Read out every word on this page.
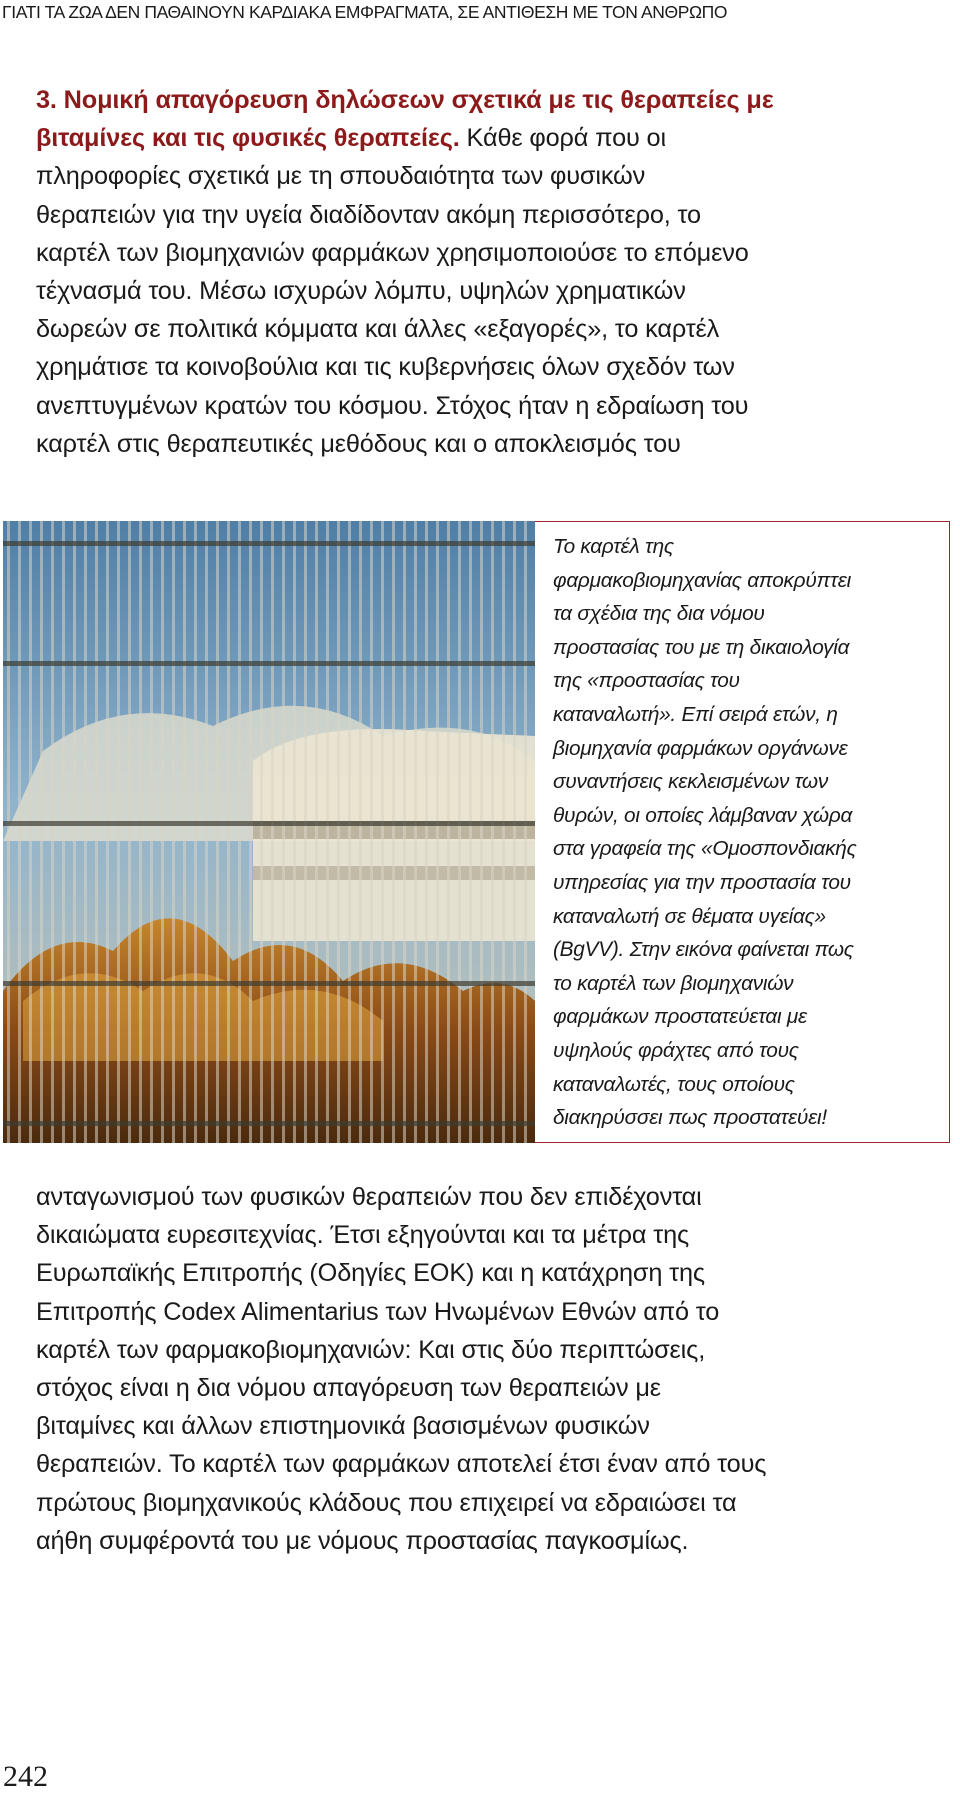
ΓΙΑΤΙ ΤΑ ΖΩΑ ΔΕΝ ΠΑΘΑΙΝΟΥΝ ΚΑΡΔΙΑΚΑ ΕΜΦΡΑΓΜΑΤΑ, ΣΕ ΑΝΤΙΘΕΣΗ ΜΕ ΤΟΝ ΑΝΘΡΩΠΟ

3. Νομική απαγόρευση δηλώσεων σχετικά με τις θεραπείες με
βιταμίνες και τις φυσικές θεραπείες. Κάθε φορά που οι
πληροφορίες σχετικά με τη σπουδαιότητα των φυσικών
θεραπειών για την υγεία διαδίδονταν ακόμη περισσότερο, το
καρτέλ των βιομηχανιών φαρμάκων χρησιμοποιούσε το επόμενο
τέχνασμά του. Μέσω ισχυρών λόμπυ, υψηλών χρηματικών
δωρεών σε πολιτικά κόμματα και άλλες «εξαγορές», το καρτέλ
χρημάτισε τα κοινοβούλια και τις κυβερνήσεις όλων σχεδόν των
ανεπτυγμένων κρατών του κόσμου. Στόχος ήταν η εδραίωση του
καρτέλ στις θεραπευτικές μεθόδους και ο αποκλεισμός του

Το καρτέλ της
φαρμακοβιομηχανίας αποκρύπτει
τα σχέδια της δια νόμου
προστασίας του με τη δικαιολογία
της «προστασίας του
καταναλωτή». Επί σειρά ετών, η
βιομηχανία φαρμάκων οργάνωνε
συναντήσεις κεκλεισμένων των
θυρών, οι οποίες λάμβαναν χώρα
στα γραφεία της «Ομοσπονδιακής
υπηρεσίας για την προστασία του
καταναλωτή σε θέματα υγείας»
(BgVV). Στην εικόνα φαίνεται πως
το καρτέλ των βιομηχανιών
φαρμάκων προστατεύεται με
υψηλούς φράχτες από τους
καταναλωτές, τους οποίους
διακηρύσσει πως προστατεύει!

ανταγωνισμού των φυσικών θεραπειών που δεν επιδέχονται
δικαιώματα ευρεσιτεχνίας. Έτσι εξηγούνται και τα μέτρα της
Ευρωπαϊκής Επιτροπής (Οδηγίες ΕΟΚ) και η κατάχρηση της
Επιτροπής Codex Alimentarius των Ηνωμένων Εθνών από το
καρτέλ των φαρμακοβιομηχανιών: Και στις δύο περιπτώσεις,
στόχος είναι η δια νόμου απαγόρευση των θεραπειών με
βιταμίνες και άλλων επιστημονικά βασισμένων φυσικών
θεραπειών. Το καρτέλ των φαρμάκων αποτελεί έτσι έναν από τους
πρώτους βιομηχανικούς κλάδους που επιχειρεί να εδραιώσει τα
αήθη συμφέροντά του με νόμους προστασίας παγκοσμίως.

242
